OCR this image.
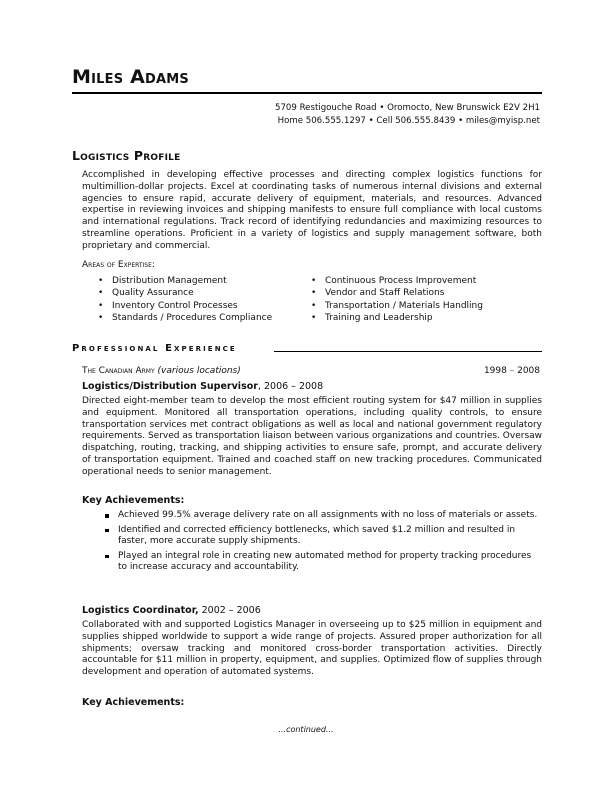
Miles Adams
5709 Restigouche Road • Oromocto, New Brunswick E2V 2H1
Home 506.555.1297 • Cell 506.555.8439 • miles@myisp.net
Logistics Profile
Accomplished in developing effective processes and directing complex logistics functions for multimillion-dollar projects. Excel at coordinating tasks of numerous internal divisions and external agencies to ensure rapid, accurate delivery of equipment, materials, and resources. Advanced expertise in reviewing invoices and shipping manifests to ensure full compliance with local customs and international regulations. Track record of identifying redundancies and maximizing resources to streamline operations. Proficient in a variety of logistics and supply management software, both proprietary and commercial.
Areas of Expertise:
• Distribution Management
• Quality Assurance
• Inventory Control Processes
• Standards / Procedures Compliance
• Continuous Process Improvement
• Vendor and Staff Relations
• Transportation / Materials Handling
• Training and Leadership
Professional Experience
The Canadian Army (various locations)	1998 – 2008
Logistics/Distribution Supervisor, 2006 – 2008
Directed eight-member team to develop the most efficient routing system for $47 million in supplies and equipment. Monitored all transportation operations, including quality controls, to ensure transportation services met contract obligations as well as local and national government regulatory requirements. Served as transportation liaison between various organizations and countries. Oversaw dispatching, routing, tracking, and shipping activities to ensure safe, prompt, and accurate delivery of transportation equipment. Trained and coached staff on new tracking procedures. Communicated operational needs to senior management.
Key Achievements:
Achieved 99.5% average delivery rate on all assignments with no loss of materials or assets.
Identified and corrected efficiency bottlenecks, which saved $1.2 million and resulted in faster, more accurate supply shipments.
Played an integral role in creating new automated method for property tracking procedures to increase accuracy and accountability.
Logistics Coordinator, 2002 – 2006
Collaborated with and supported Logistics Manager in overseeing up to $25 million in equipment and supplies shipped worldwide to support a wide range of projects. Assured proper authorization for all shipments; oversaw tracking and monitored cross-border transportation activities. Directly accountable for $11 million in property, equipment, and supplies. Optimized flow of supplies through development and operation of automated systems.
Key Achievements:
...continued...
